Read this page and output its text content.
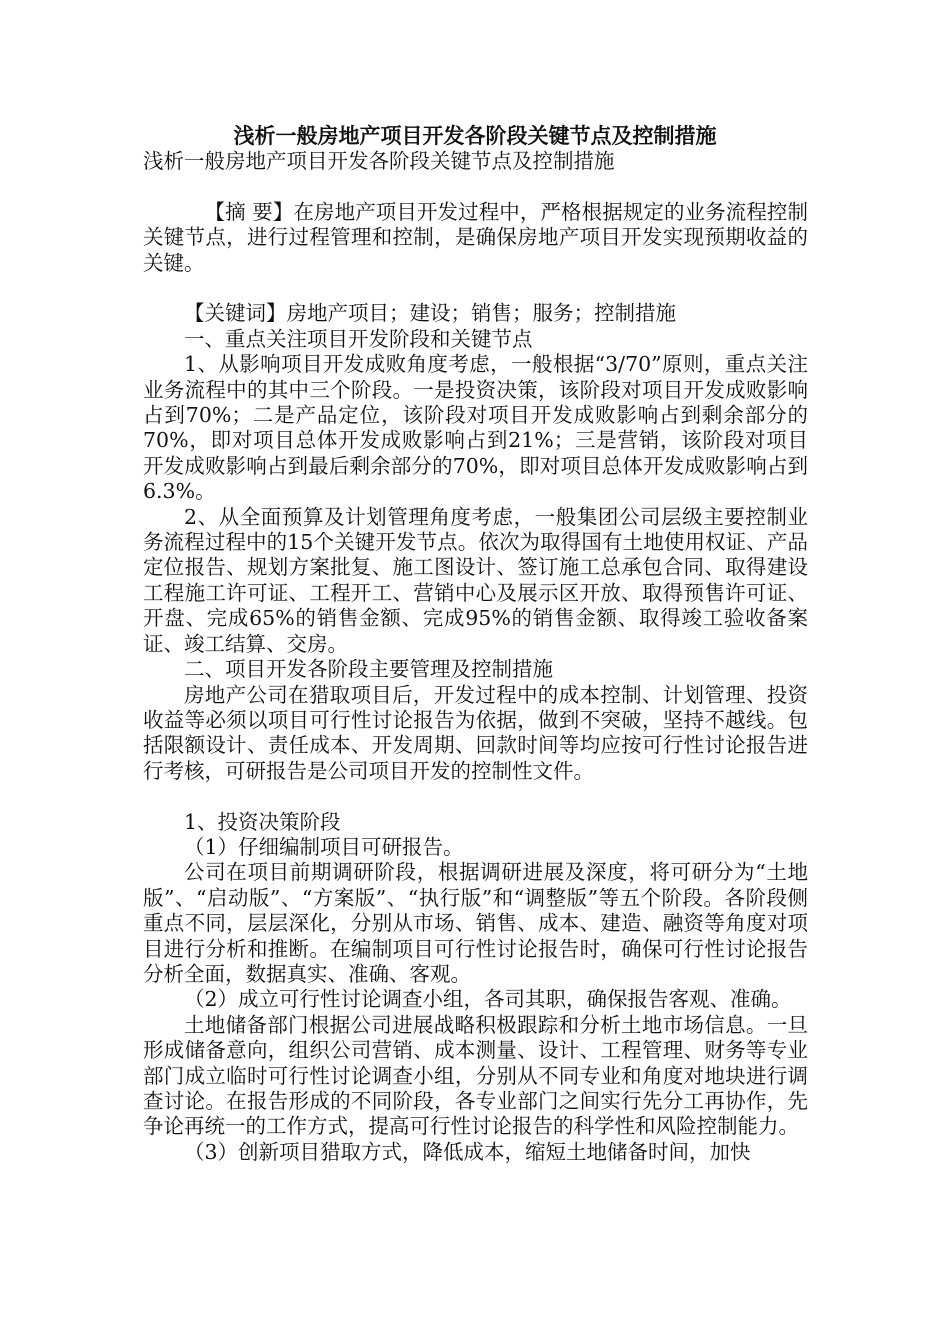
浅析一般房地产项目开发各阶段关键节点及控制措施

浅析一般房地产项目开发各阶段关键节点及控制措施

【摘 要】在房地产项目开发过程中，严格根据规定的业务流程控制关键节点，进行过程管理和控制，是确保房地产项目开发实现预期收益的关键。

【关键词】房地产项目；建设；销售；服务；控制措施

一、重点关注项目开发阶段和关键节点

1、从影响项目开发成败角度考虑，一般根据“3/70”原则，重点关注业务流程中的其中三个阶段。一是投资决策，该阶段对项目开发成败影响占到70%；二是产品定位，该阶段对项目开发成败影响占到剩余部分的70%，即对项目总体开发成败影响占到21%；三是营销，该阶段对项目开发成败影响占到最后剩余部分的70%，即对项目总体开发成败影响占到6.3%。

2、从全面预算及计划管理角度考虑，一般集团公司层级主要控制业务流程过程中的15个关键开发节点。依次为取得国有土地使用权证、产品定位报告、规划方案批复、施工图设计、签订施工总承包合同、取得建设工程施工许可证、工程开工、营销中心及展示区开放、取得预售许可证、开盘、完成65%的销售金额、完成95%的销售金额、取得竣工验收备案证、竣工结算、交房。

二、项目开发各阶段主要管理及控制措施

房地产公司在猎取项目后，开发过程中的成本控制、计划管理、投资收益等必须以项目可行性讨论报告为依据，做到不突破，坚持不越线。包括限额设计、责任成本、开发周期、回款时间等均应按可行性讨论报告进行考核，可研报告是公司项目开发的控制性文件。

1、投资决策阶段

（1）仔细编制项目可研报告。

公司在项目前期调研阶段，根据调研进展及深度，将可研分为“土地版”、“启动版”、“方案版”、“执行版”和“调整版”等五个阶段。各阶段侧重点不同，层层深化，分别从市场、销售、成本、建造、融资等角度对项目进行分析和推断。在编制项目可行性讨论报告时，确保可行性讨论报告分析全面，数据真实、准确、客观。

（2）成立可行性讨论调查小组，各司其职，确保报告客观、准确。

土地储备部门根据公司进展战略积极跟踪和分析土地市场信息。一旦形成储备意向，组织公司营销、成本测量、设计、工程管理、财务等专业部门成立临时可行性讨论调查小组，分别从不同专业和角度对地块进行调查讨论。在报告形成的不同阶段，各专业部门之间实行先分工再协作，先争论再统一的工作方式，提高可行性讨论报告的科学性和风险控制能力。

（3）创新项目猎取方式，降低成本，缩短土地储备时间，加快
